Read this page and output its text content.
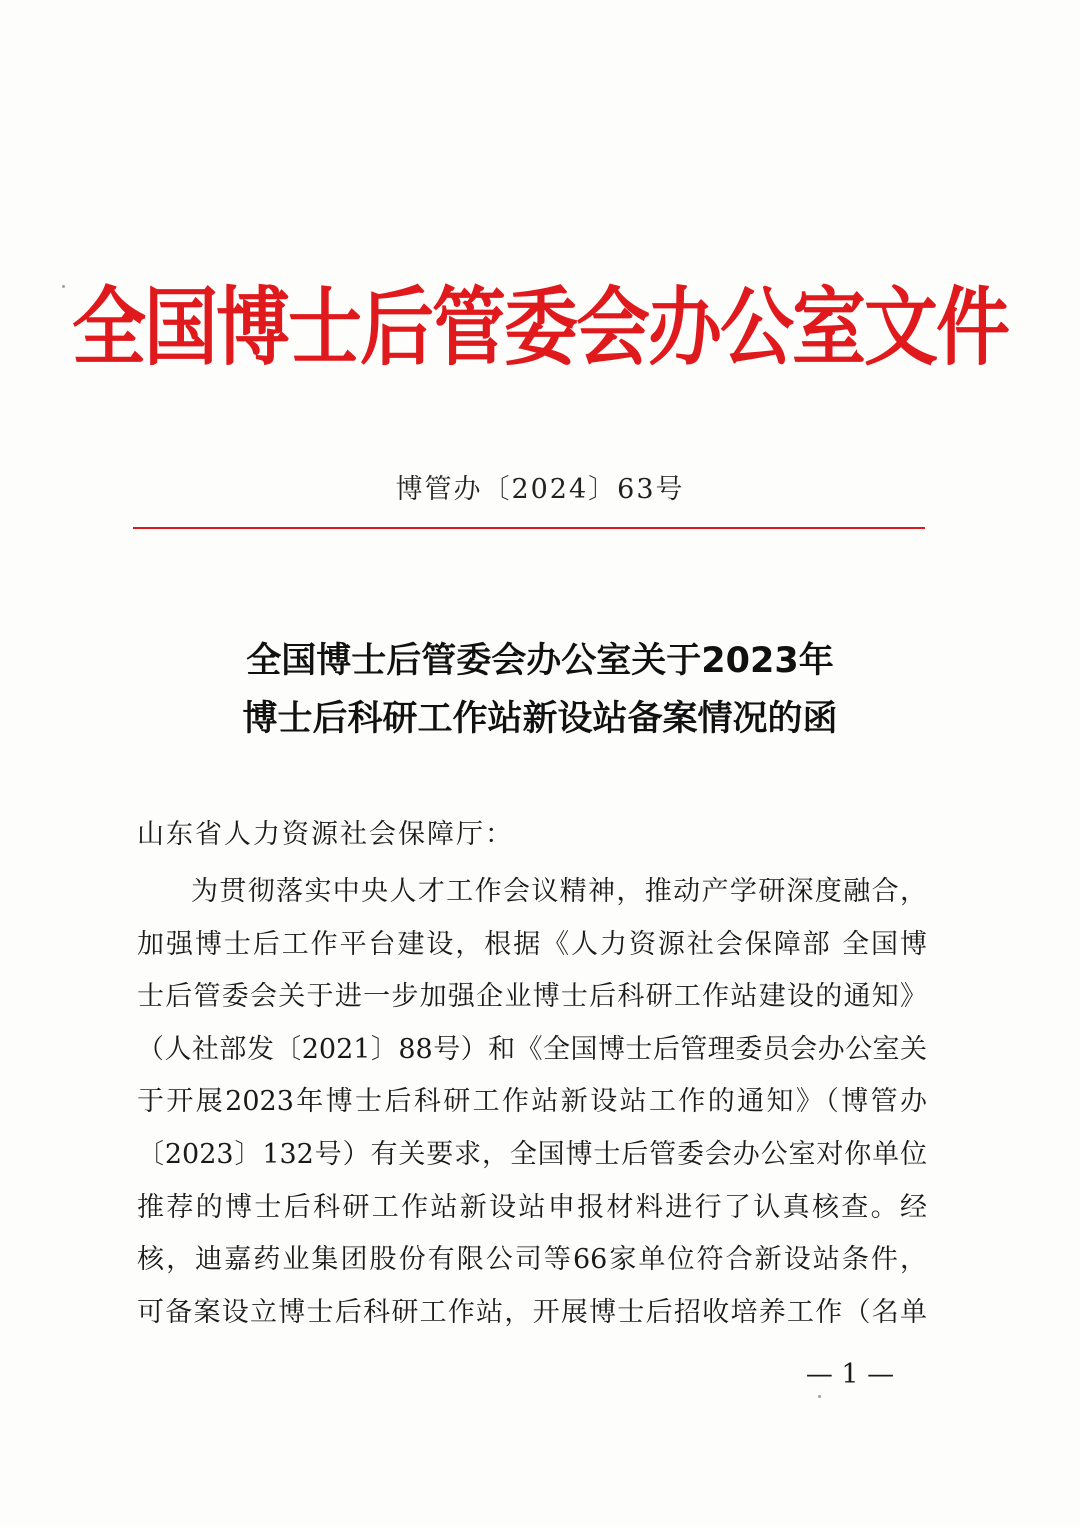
全国博士后管委会办公室文件
博管办〔2024〕63号
全国博士后管委会办公室关于2023年
博士后科研工作站新设站备案情况的函
山东省人力资源社会保障厅：
为贯彻落实中央人才工作会议精神，推动产学研深度融合，
加强博士后工作平台建设，根据《人力资源社会保障部 全国博
士后管委会关于进一步加强企业博士后科研工作站建设的通知》
（人社部发〔2021〕88号）和《全国博士后管理委员会办公室关
于开展2023年博士后科研工作站新设站工作的通知》（博管办
〔2023〕132号）有关要求，全国博士后管委会办公室对你单位
推荐的博士后科研工作站新设站申报材料进行了认真核查。经
核，迪嘉药业集团股份有限公司等66家单位符合新设站条件，
可备案设立博士后科研工作站，开展博士后招收培养工作（名单
— 1 —
